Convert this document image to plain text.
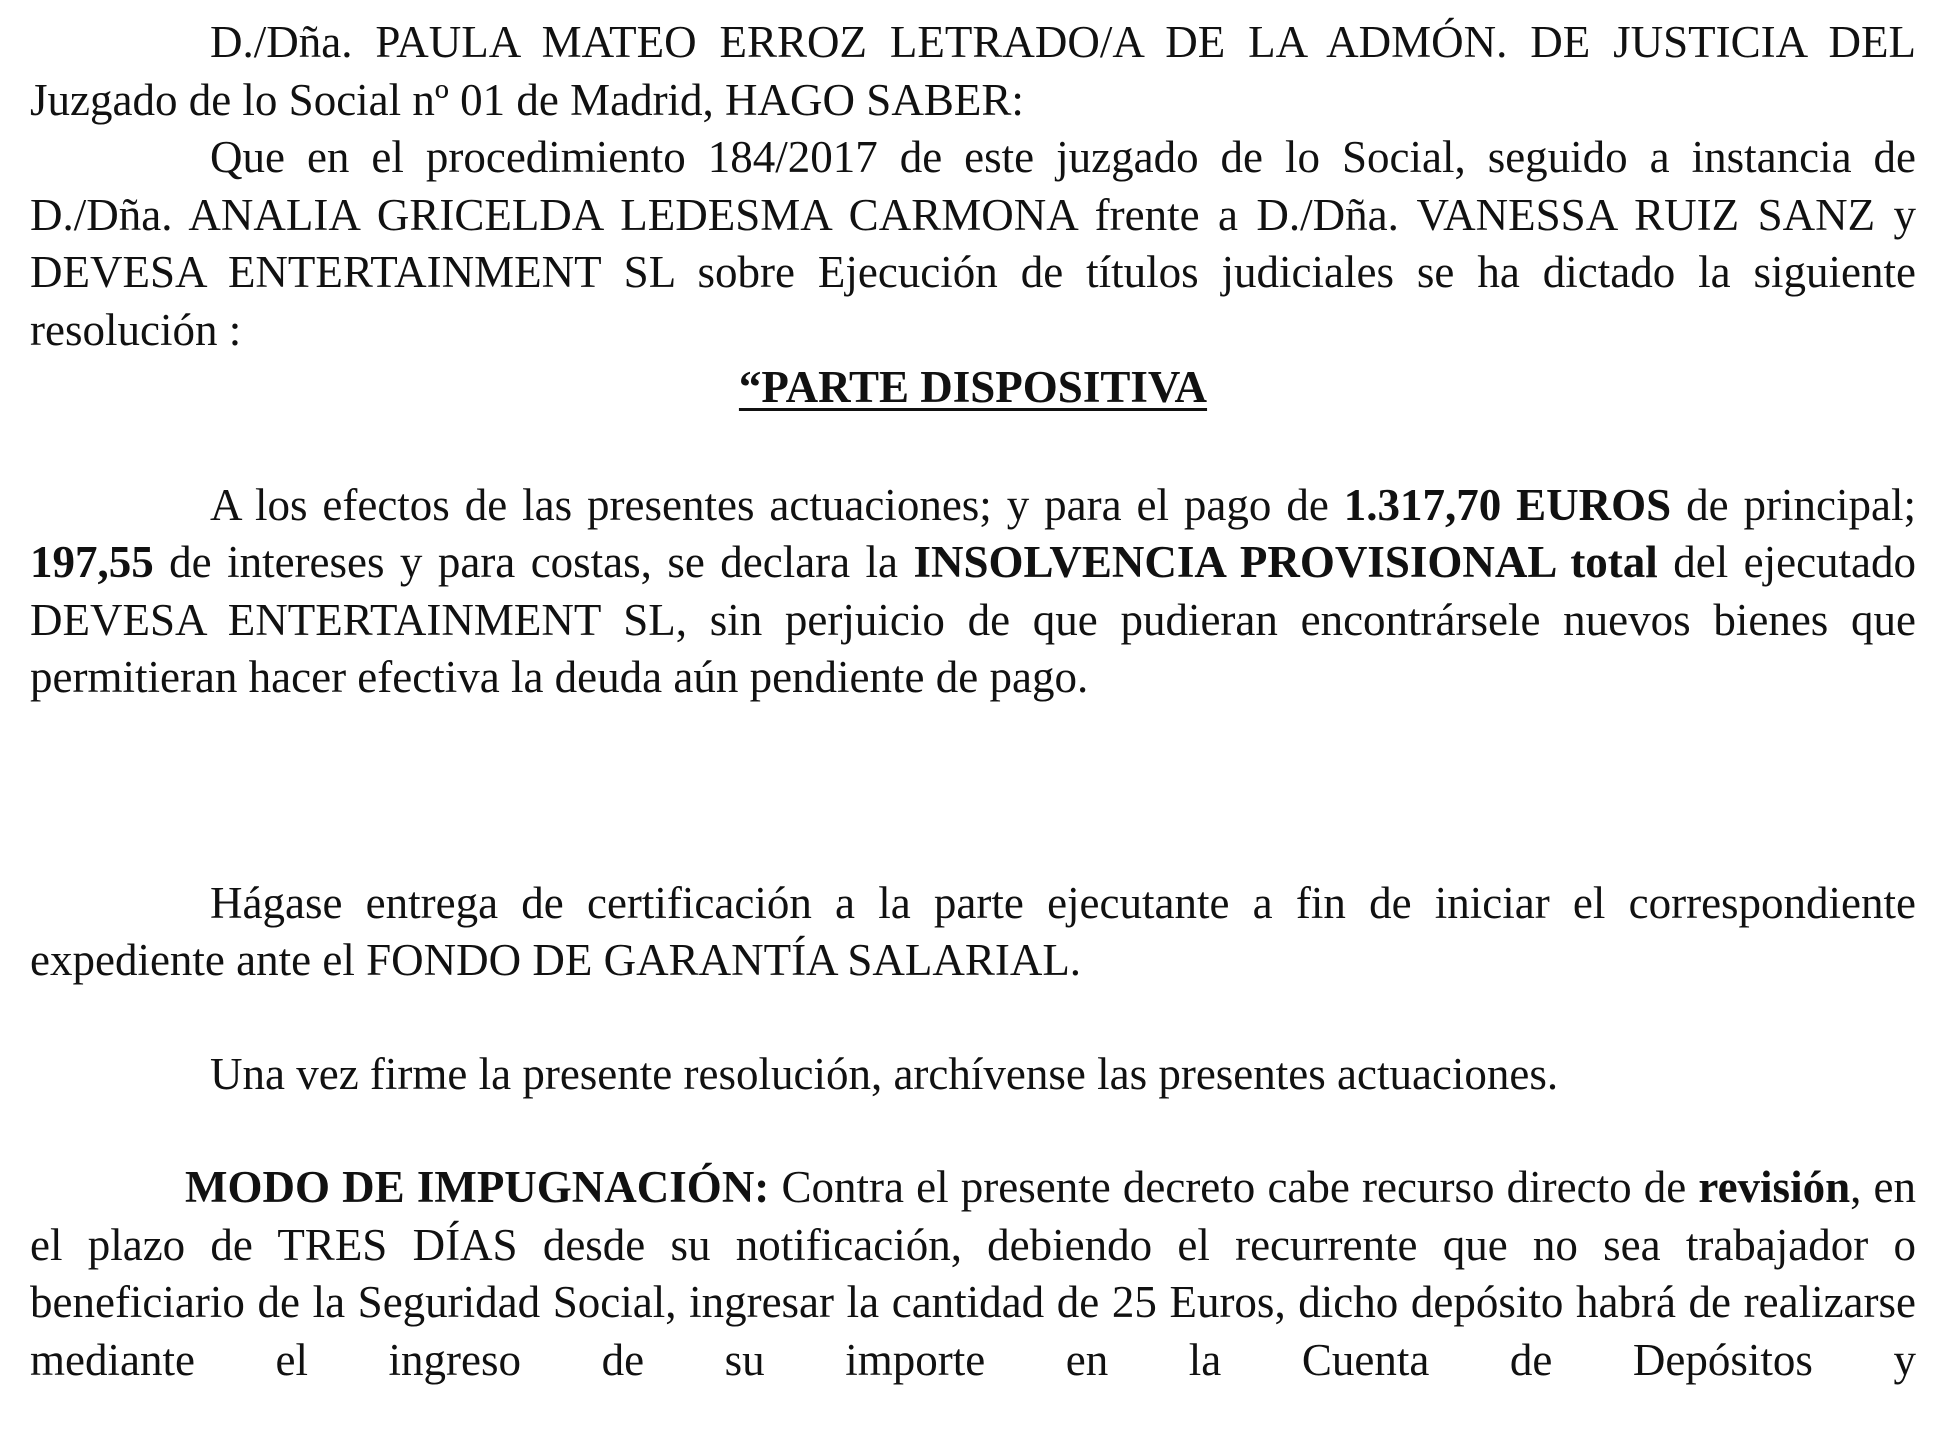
D./Dña. PAULA MATEO ERROZ LETRADO/A DE LA ADMÓN. DE JUSTICIA DEL Juzgado de lo Social nº 01 de Madrid, HAGO SABER:

Que en el procedimiento 184/2017 de este juzgado de lo Social, seguido a instancia de D./Dña. ANALIA GRICELDA LEDESMA CARMONA frente a D./Dña. VANESSA RUIZ SANZ y DEVESA ENTERTAINMENT SL sobre Ejecución de títulos judiciales se ha dictado la siguiente resolución :

“PARTE DISPOSITIVA

A los efectos de las presentes actuaciones; y para el pago de 1.317,70 EUROS de principal; 197,55 de intereses y para costas, se declara la INSOLVENCIA PROVISIONAL total del ejecutado DEVESA ENTERTAINMENT SL, sin perjuicio de que pudieran encontrársele nuevos bienes que permitieran hacer efectiva la deuda aún pendiente de pago.

Hágase entrega de certificación a la parte ejecutante a fin de iniciar el correspondiente expediente ante el FONDO DE GARANTÍA SALARIAL.

Una vez firme la presente resolución, archívense las presentes actuaciones.

MODO DE IMPUGNACIÓN: Contra el presente decreto cabe recurso directo de revisión, en el plazo de TRES DÍAS desde su notificación, debiendo el recurrente que no sea trabajador o beneficiario de la Seguridad Social, ingresar la cantidad de 25 Euros, dicho depósito habrá de realizarse mediante el ingreso de su importe en la Cuenta de Depósitos y
